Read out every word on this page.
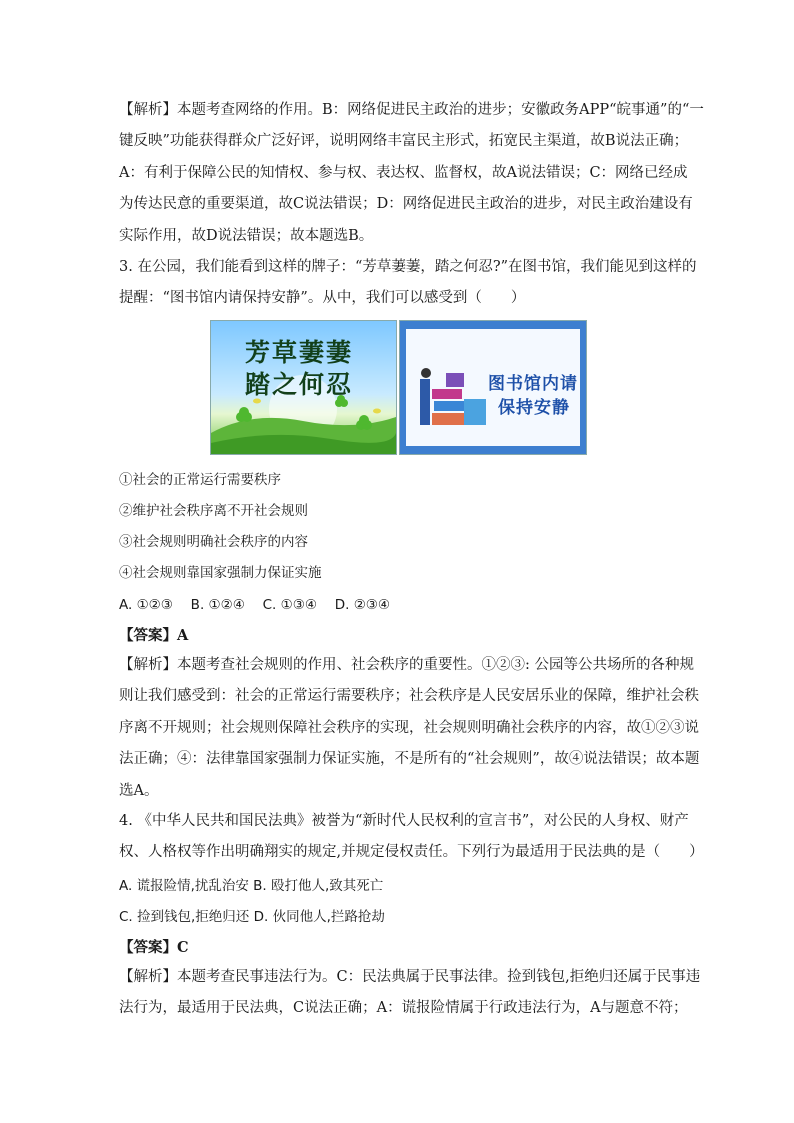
【解析】本题考查网络的作用。B：网络促进民主政治的进步；安徽政务APP“皖事通”的“一
键反映”功能获得群众广泛好评，说明网络丰富民主形式，拓宽民主渠道，故B说法正确；
A：有利于保障公民的知情权、参与权、表达权、监督权，故A说法错误；C：网络已经成
为传达民意的重要渠道，故C说法错误；D：网络促进民主政治的进步，对民主政治建设有
实际作用，故D说法错误；故本题选B。
3. 在公园，我们能看到这样的牌子：“芳草萋萋，踏之何忍?”在图书馆，我们能见到这样的
提醒：“图书馆内请保持安静”。从中，我们可以感受到（　　）
芳草萋萋
踏之何忍	图书馆内请
保持安静

①社会的正常运行需要秩序

②维护社会秩序离不开社会规则

③社会规则明确社会秩序的内容

④社会规则靠国家强制力保证实施

A. ①②③　 B. ①②④　 C. ①③④　 D. ②③④

【答案】A

【解析】本题考查社会规则的作用、社会秩序的重要性。①②③: 公园等公共场所的各种规
则让我们感受到：社会的正常运行需要秩序；社会秩序是人民安居乐业的保障，维护社会秩
序离不开规则；社会规则保障社会秩序的实现，社会规则明确社会秩序的内容，故①②③说
法正确；④：法律靠国家强制力保证实施，不是所有的“社会规则”，故④说法错误；故本题
选A。
4. 《中华人民共和国民法典》被誉为“新时代人民权利的宣言书”，对公民的人身权、财产
权、人格权等作出明确翔实的规定,并规定侵权责任。下列行为最适用于民法典的是（　　）

A. 谎报险情,扰乱治安 B. 殴打他人,致其死亡

C. 捡到钱包,拒绝归还 D. 伙同他人,拦路抢劫

【答案】C

【解析】本题考查民事违法行为。C：民法典属于民事法律。捡到钱包,拒绝归还属于民事违
法行为，最适用于民法典，C说法正确；A：谎报险情属于行政违法行为，A与题意不符；
